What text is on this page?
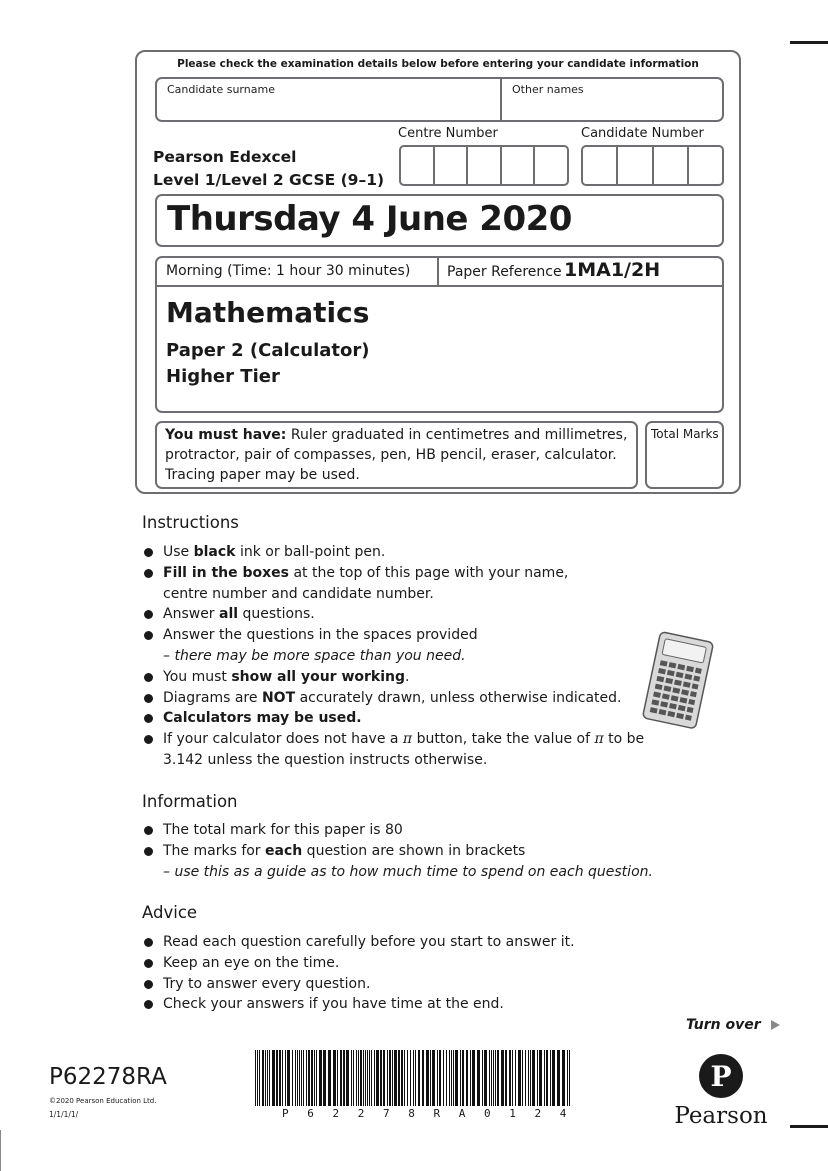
Please check the examination details below before entering your candidate information
Candidate surname	Other names
Centre Number	Candidate Number
Pearson Edexcel
Level 1/Level 2 GCSE (9–1)
Thursday 4 June 2020
Morning (Time: 1 hour 30 minutes)	Paper Reference 1MA1/2H
Mathematics
Paper 2 (Calculator)
Higher Tier
You must have: Ruler graduated in centimetres and millimetres,
protractor, pair of compasses, pen, HB pencil, eraser, calculator.
Tracing paper may be used.
Total Marks
Instructions
Use black ink or ball-point pen.
Fill in the boxes at the top of this page with your name,
centre number and candidate number.
Answer all questions.
Answer the questions in the spaces provided
– there may be more space than you need.
You must show all your working.
Diagrams are NOT accurately drawn, unless otherwise indicated.
Calculators may be used.
If your calculator does not have a π button, take the value of π to be
3.142 unless the question instructs otherwise.
Information
The total mark for this paper is 80
The marks for each question are shown in brackets
– use this as a guide as to how much time to spend on each question.
Advice
Read each question carefully before you start to answer it.
Keep an eye on the time.
Try to answer every question.
Check your answers if you have time at the end.
Turn over
P62278RA
©2020 Pearson Education Ltd.
1/1/1/1/	P 6 2 2 7 8 R A 0 1 2 4
P
Pearson
